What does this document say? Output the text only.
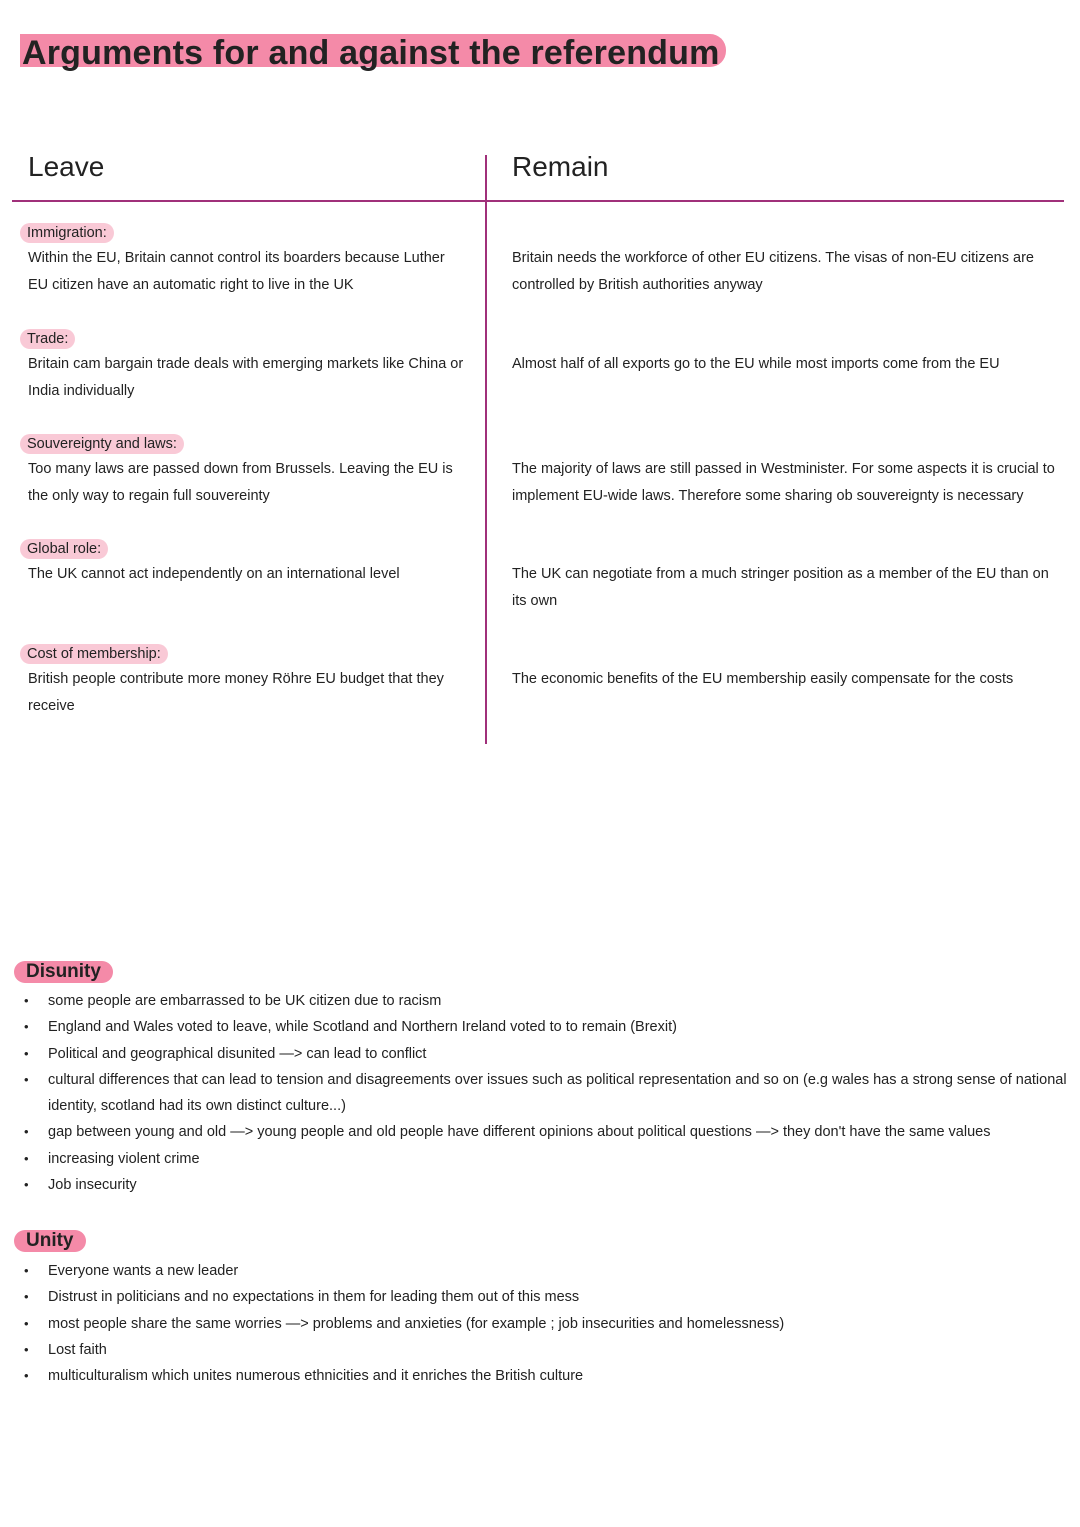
Arguments for and against the referendum
Leave	Remain
Immigration:
Within the EU, Britain cannot control its boarders because Luther EU citizen have an automatic right to live in the UK
Britain needs the workforce of other EU citizens. The visas of non-EU citizens are controlled by British authorities anyway
Trade:
Britain cam bargain trade deals with emerging markets like China or India individually
Almost half of all exports go to the EU while most imports come from the EU
Souvereignty and laws:
Too many laws are passed down from Brussels. Leaving the EU is the only way to regain full souvereinty
The majority of laws are still passed in Westminister. For some aspects it is crucial to implement EU-wide laws. Therefore some sharing ob souvereignty is necessary
Global role:
The UK cannot act independently on an international level	The UK can negotiate from a much stringer position as a member of the EU than on its own
Cost of membership:
British people contribute more money Röhre EU budget that they receive
The economic benefits of the EU membership easily compensate for the costs
Disunity
• some people are embarrassed to be UK citizen due to racism
• England and Wales voted to leave, while Scotland and Northern Ireland voted to to remain (Brexit)
• Political and geographical disunited —> can lead to conflict
• cultural differences that can lead to tension and disagreements over issues such as political representation and so on (e.g wales has a strong sense of national identity, scotland had its own distinct culture...)
• gap between young and old —> young people and old people have different opinions about political questions —> they don't have the same values
• increasing violent crime
• Job insecurity
Unity
• Everyone wants a new leader
• Distrust in politicians and no expectations in them for leading them out of this mess
• most people share the same worries —> problems and anxieties (for example ; job insecurities and homelessness)
• Lost faith
• multiculturalism which unites numerous ethnicities and it enriches the British culture
